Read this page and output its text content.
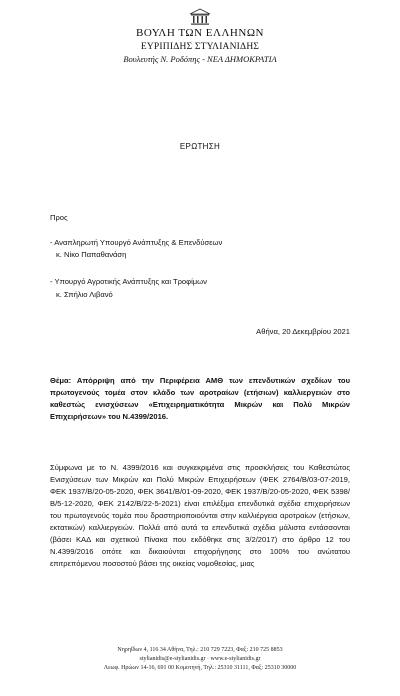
ΒΟΥΛΗ ΤΩΝ ΕΛΛΗΝΩΝ
ΕΥΡΙΠΙΔΗΣ ΣΤΥΛΙΑΝΙΔΗΣ
Βουλευτής Ν. Ροδόπης - ΝΕΑ ΔΗΜΟΚΡΑΤΙΑ
ΕΡΩΤΗΣΗ
Προς
- Αναπληρωτή Υπουργό Ανάπτυξης & Επενδύσεων
κ. Νίκο Παπαθανάση
- Υπουργό Αγροτικής Ανάπτυξης και Τροφίμων
κ. Σπήλιο Λιβανό
Αθήνα, 20 Δεκεμβρίου 2021
Θέμα: Απόρριψη από την Περιφέρεια ΑΜΘ των επενδυτικών σχεδίων του πρωτογενούς τομέα στον κλάδο των αροτραίων (ετήσιων) καλλιεργειών στο καθεστώς ενισχύσεων «Επιχειρηματικότητα Μικρών και Πολύ Μικρών Επιχειρήσεων» του Ν.4399/2016.
Σύμφωνα με το Ν. 4399/2016 και συγκεκριμένα στις προσκλήσεις του Καθεστώτος Ενισχύσεων των Μικρών και Πολύ Μικρών Επιχειρήσεων (ΦΕΚ 2764/Β/03-07-2019, ΦΕΚ 1937/Β/20-05-2020, ΦΕΚ 3641/Β/01-09-2020, ΦΕΚ 1937/Β/20-05-2020, ΦΕΚ 5398/Β/5-12-2020, ΦΕΚ 2142/Β/22-5-2021) είναι επιλέξιμα επενδυτικά σχέδια επιχειρήσεων του πρωτογενούς τομέα που δραστηριοποιούνται στην καλλιέργεια αροτραίων (ετήσιων, εκτατικών) καλλιεργειών. Πολλά από αυτά τα επενδυτικά σχέδια μάλιστα εντάσσονται (βάσει ΚΑΔ και σχετικού Πίνακα που εκδόθηκε στις 3/2/2017) στο άρθρο 12 του Ν.4399/2016 οπότε και δικαιούνται επιχορήγησης στο 100% του ανώτατου επιτρεπόμενου ποσοστού βάσει της οικείας νομοθεσίας, μιας
Νηρηΐδων 4, 116 34 Αθήνα, Τηλ.: 210 729 7223, Φαξ: 210 725 8853
stylianidis@e-stylianidis.gr · www.e-stylianidis.gr
Λεωφ. Ηρώων 14-16, 691 00 Κομοτηνή, Τηλ.: 25310 31111, Φαξ: 25310 30000
